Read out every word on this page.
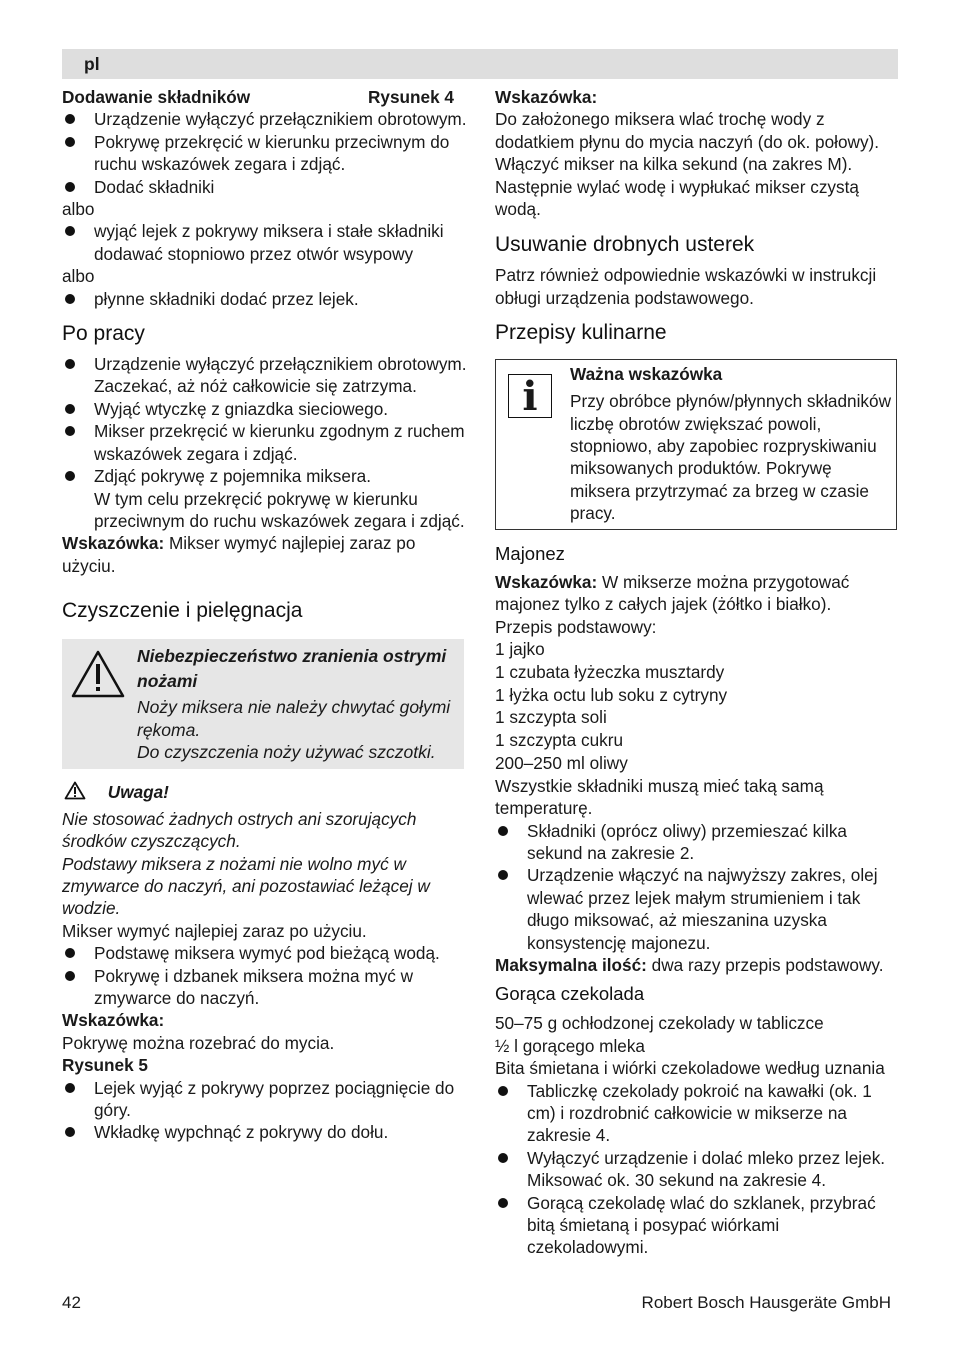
pl
Dodawanie składników	Rysunek 4
Urządzenie wyłączyć przełącznikiem obrotowym.
Pokrywę przekręcić w kierunku przeciwnym do ruchu wskazówek zegara i zdjąć.
Dodać składniki
albo
wyjąć lejek z pokrywy miksera i stałe składniki dodawać stopniowo przez otwór wsypowy
albo
płynne składniki dodać przez lejek.
Po pracy
Urządzenie wyłączyć przełącznikiem obrotowym. Zaczekać, aż nóż całkowicie się zatrzyma.
Wyjąć wtyczkę z gniazdka sieciowego.
Mikser przekręcić w kierunku zgodnym z ruchem wskazówek zegara i zdjąć.
Zdjąć pokrywę z pojemnika miksera.
W tym celu przekręcić pokrywę w kierunku przeciwnym do ruchu wskazówek zegara i zdjąć.
Wskazówka: Mikser wymyć najlepiej zaraz po użyciu.
Czyszczenie i pielęgnacja
Niebezpieczeństwo zranienia ostrymi nożami
Noży miksera nie należy chwytać gołymi rękoma.
Do czyszczenia noży używać szczotki.
Uwaga!
Nie stosować żadnych ostrych ani szorujących środków czyszczących.
Podstawy miksera z nożami nie wolno myć w zmywarce do naczyń, ani pozostawiać leżącej w wodzie.
Mikser wymyć najlepiej zaraz po użyciu.
Podstawę miksera wymyć pod bieżącą wodą.
Pokrywę i dzbanek miksera można myć w zmywarce do naczyń.
Wskazówka:
Pokrywę można rozebrać do mycia.
Rysunek 5
Lejek wyjąć z pokrywy poprzez pociągnięcie do góry.
Wkładkę wypchnąć z pokrywy do dołu.
Wskazówka:
Do założonego miksera wlać trochę wody z dodatkiem płynu do mycia naczyń (do ok. połowy). Włączyć mikser na kilka sekund (na zakres M). Następnie wylać wodę i wypłukać mikser czystą wodą.
Usuwanie drobnych usterek
Patrz również odpowiednie wskazówki w instrukcji obługi urządzenia podstawowego.
Przepisy kulinarne
i	Ważna wskazówka
Przy obróbce płynów/płynnych składników liczbę obrotów zwiększać powoli, stopniowo, aby zapobiec rozpryskiwaniu miksowanych produktów. Pokrywę miksera przytrzymać za brzeg w czasie pracy.
Majonez
Wskazówka: W mikserze można przygotować majonez tylko z całych jajek (żółtko i białko).
Przepis podstawowy:
1 jajko
1 czubata łyżeczka musztardy
1 łyżka octu lub soku z cytryny
1 szczypta soli
1 szczypta cukru
200–250 ml oliwy
Wszystkie składniki muszą mieć taką samą temperaturę.
Składniki (oprócz oliwy) przemieszać kilka sekund na zakresie 2.
Urządzenie włączyć na najwyższy zakres, olej wlewać przez lejek małym strumieniem i tak długo miksować, aż mieszanina uzyska konsystencję majonezu.
Maksymalna ilość: dwa razy przepis podstawowy.
Gorąca czekolada
50–75 g ochłodzonej czekolady w tabliczce
½ l gorącego mleka
Bita śmietana i wiórki czekoladowe według uznania
Tabliczkę czekolady pokroić na kawałki (ok. 1 cm) i rozdrobnić całkowicie w mikserze na zakresie 4.
Wyłączyć urządzenie i dolać mleko przez lejek. Miksować ok. 30 sekund na zakresie 4.
Gorącą czekoladę wlać do szklanek, przybrać bitą śmietaną i posypać wiórkami czekoladowymi.
42	Robert Bosch Hausgeräte GmbH
